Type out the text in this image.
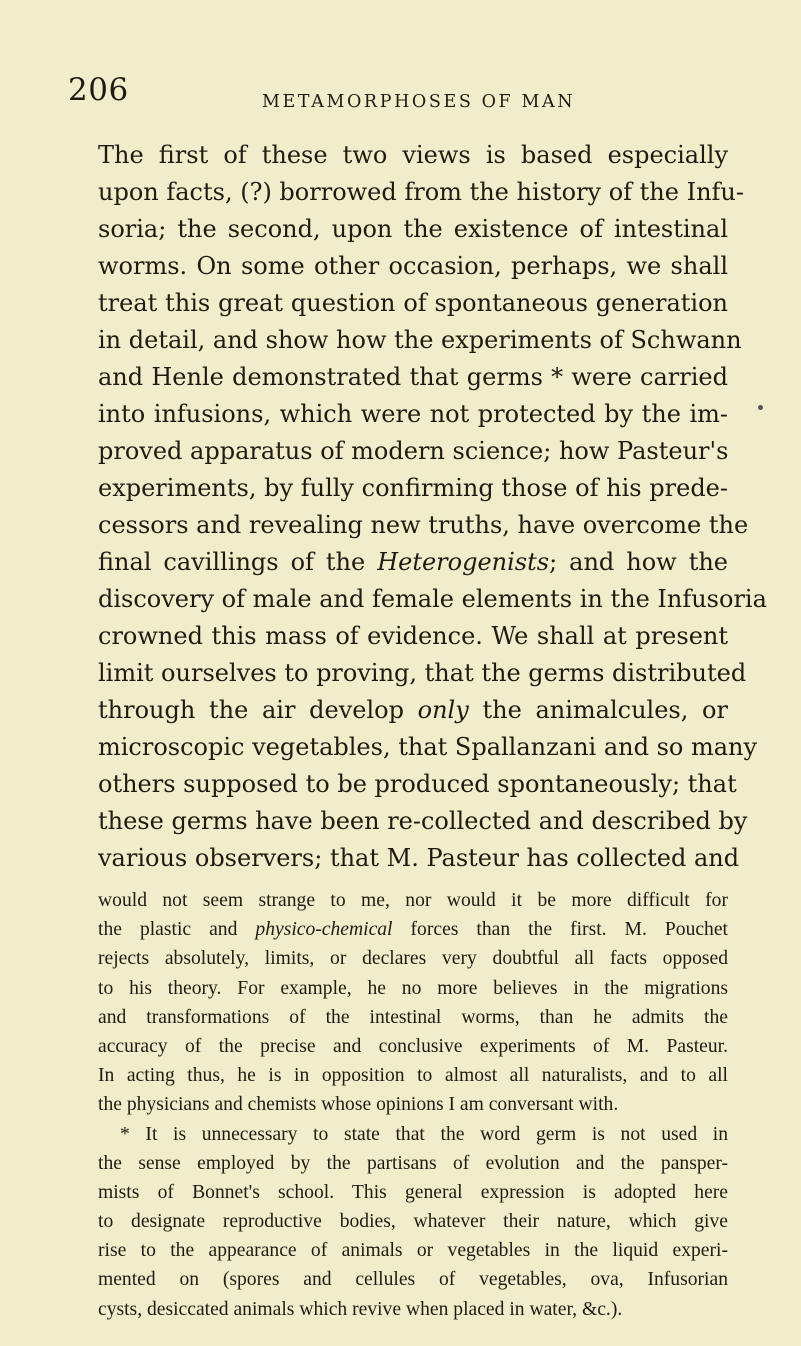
206	METAMORPHOSES OF MAN
The first of these two views is based especially
upon facts, (?) borrowed from the history of the Infu-
soria; the second, upon the existence of intestinal
worms. On some other occasion, perhaps, we shall
treat this great question of spontaneous generation
in detail, and show how the experiments of Schwann
and Henle demonstrated that germs * were carried
into infusions, which were not protected by the im-
proved apparatus of modern science; how Pasteur's
experiments, by fully confirming those of his prede-
cessors and revealing new truths, have overcome the
final cavillings of the Heterogenists; and how the
discovery of male and female elements in the Infusoria
crowned this mass of evidence. We shall at present
limit ourselves to proving, that the germs distributed
through the air develop only the animalcules, or
microscopic vegetables, that Spallanzani and so many
others supposed to be produced spontaneously; that
these germs have been re-collected and described by
various observers; that M. Pasteur has collected and
would not seem strange to me, nor would it be more difficult for
the plastic and physico-chemical forces than the first. M. Pouchet
rejects absolutely, limits, or declares very doubtful all facts opposed
to his theory. For example, he no more believes in the migrations
and transformations of the intestinal worms, than he admits the
accuracy of the precise and conclusive experiments of M. Pasteur.
In acting thus, he is in opposition to almost all naturalists, and to all
the physicians and chemists whose opinions I am conversant with.
* It is unnecessary to state that the word germ is not used in
the sense employed by the partisans of evolution and the pansper-
mists of Bonnet's school. This general expression is adopted here
to designate reproductive bodies, whatever their nature, which give
rise to the appearance of animals or vegetables in the liquid experi-
mented on (spores and cellules of vegetables, ova, Infusorian
cysts, desiccated animals which revive when placed in water, &c.).
